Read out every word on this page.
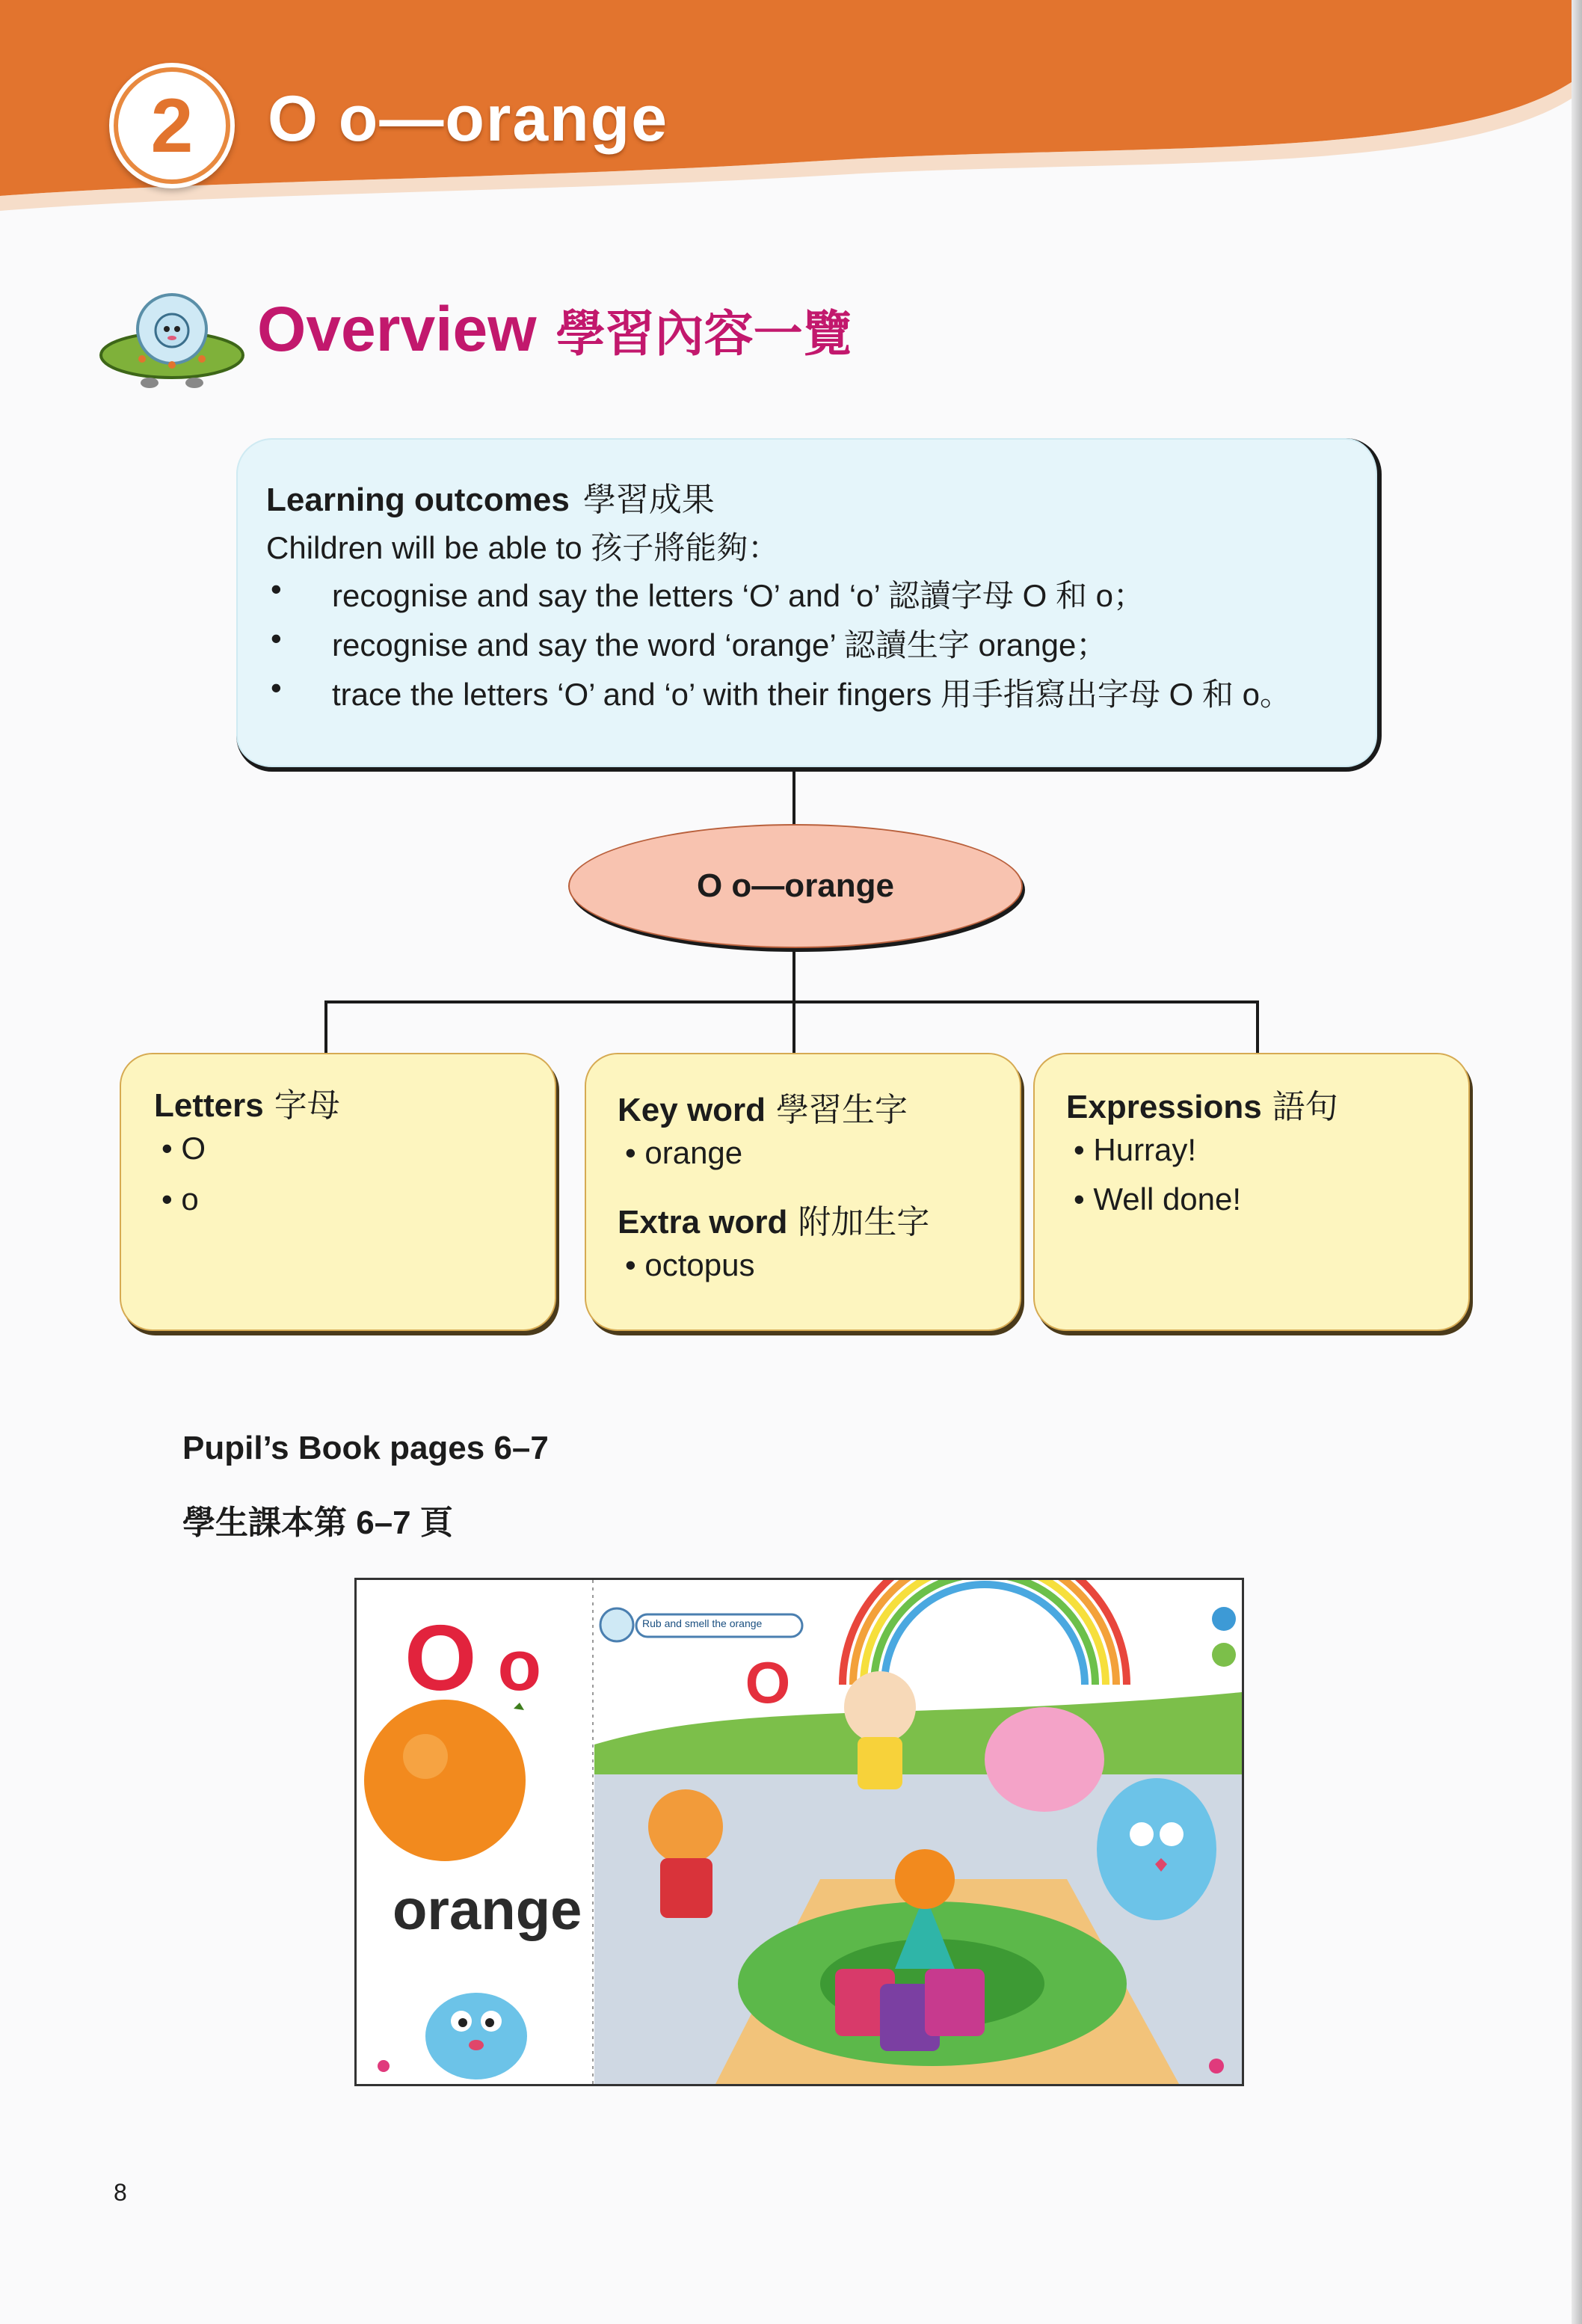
2	O o—orange
Overview 學習內容一覽
Learning outcomes 學習成果
Children will be able to 孩子將能夠：
• recognise and say the letters ‘O’ and ‘o’ 認讀字母 O 和 o；
• recognise and say the word ‘orange’ 認讀生字 orange；
• trace the letters ‘O’ and ‘o’ with their fingers 用手指寫出字母 O 和 o。
O o—orange
Letters 字母
• O
• o
Key word 學習生字
• orange
Extra word 附加生字
• octopus
Expressions 語句
• Hurray!
• Well done!
Pupil’s Book pages 6–7
學生課本第 6–7 頁
O
O o
orange
Rub and smell the orange
8
